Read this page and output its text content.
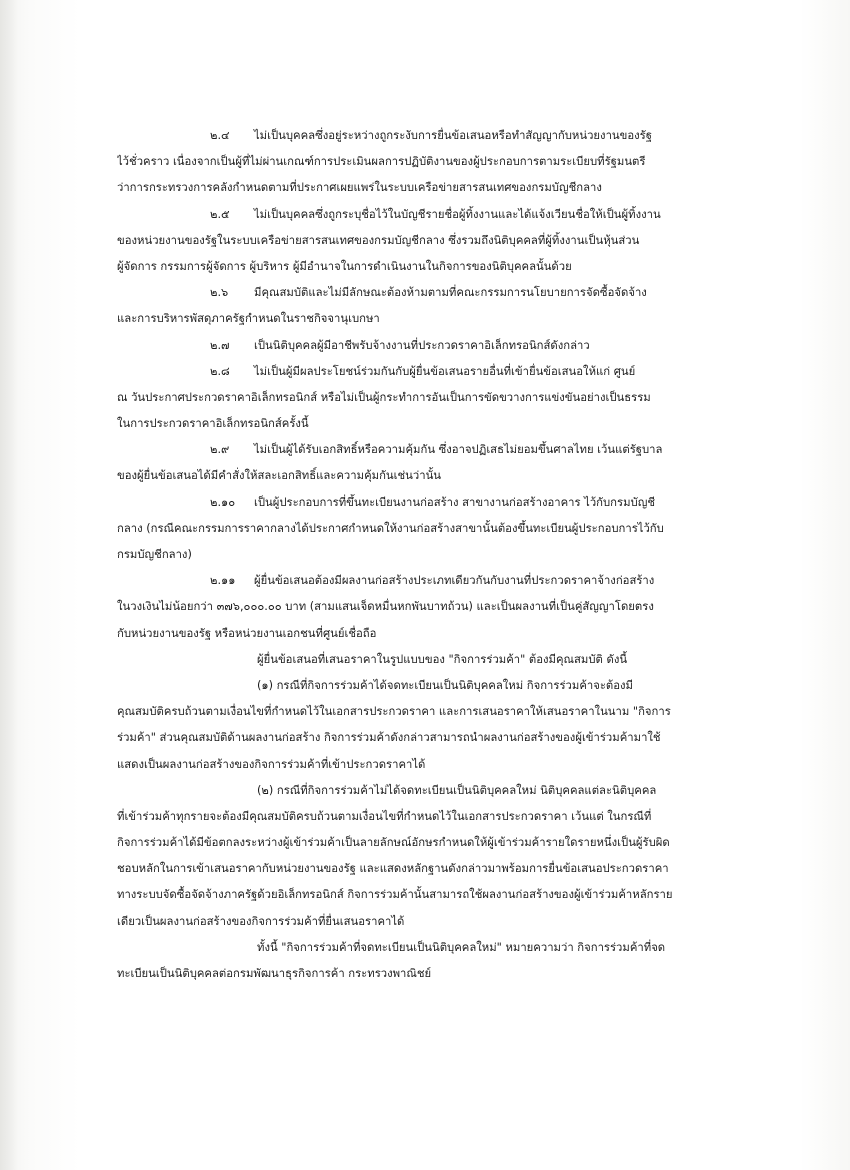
๒.๔ ไม่เป็นบุคคลซึ่งอยู่ระหว่างถูกระงับการยื่นข้อเสนอหรือทำสัญญากับหน่วยงานของรัฐ
ไว้ชั่วคราว เนื่องจากเป็นผู้ที่ไม่ผ่านเกณฑ์การประเมินผลการปฏิบัติงานของผู้ประกอบการตามระเบียบที่รัฐมนตรี
ว่าการกระทรวงการคลังกำหนดตามที่ประกาศเผยแพร่ในระบบเครือข่ายสารสนเทศของกรมบัญชีกลาง
๒.๕ ไม่เป็นบุคคลซึ่งถูกระบุชื่อไว้ในบัญชีรายชื่อผู้ทิ้งงานและได้แจ้งเวียนชื่อให้เป็นผู้ทิ้งงาน
ของหน่วยงานของรัฐในระบบเครือข่ายสารสนเทศของกรมบัญชีกลาง ซึ่งรวมถึงนิติบุคคลที่ผู้ทิ้งงานเป็นหุ้นส่วน
ผู้จัดการ กรรมการผู้จัดการ ผู้บริหาร ผู้มีอำนาจในการดำเนินงานในกิจการของนิติบุคคลนั้นด้วย
๒.๖ มีคุณสมบัติและไม่มีลักษณะต้องห้ามตามที่คณะกรรมการนโยบายการจัดซื้อจัดจ้าง
และการบริหารพัสดุภาครัฐกำหนดในราชกิจจานุเบกษา
๒.๗ เป็นนิติบุคคลผู้มีอาชีพรับจ้างงานที่ประกวดราคาอิเล็กทรอนิกส์ดังกล่าว
๒.๘ ไม่เป็นผู้มีผลประโยชน์ร่วมกันกับผู้ยื่นข้อเสนอรายอื่นที่เข้ายื่นข้อเสนอให้แก่ ศูนย์
ณ วันประกาศประกวดราคาอิเล็กทรอนิกส์ หรือไม่เป็นผู้กระทำการอันเป็นการขัดขวางการแข่งขันอย่างเป็นธรรม
ในการประกวดราคาอิเล็กทรอนิกส์ครั้งนี้
๒.๙ ไม่เป็นผู้ได้รับเอกสิทธิ์หรือความคุ้มกัน ซึ่งอาจปฏิเสธไม่ยอมขึ้นศาลไทย เว้นแต่รัฐบาล
ของผู้ยื่นข้อเสนอได้มีคำสั่งให้สละเอกสิทธิ์และความคุ้มกันเช่นว่านั้น
๒.๑๐ เป็นผู้ประกอบการที่ขึ้นทะเบียนงานก่อสร้าง สาขางานก่อสร้างอาคาร ไว้กับกรมบัญชี
กลาง (กรณีคณะกรรมการราคากลางได้ประกาศกำหนดให้งานก่อสร้างสาขานั้นต้องขึ้นทะเบียนผู้ประกอบการไว้กับ
กรมบัญชีกลาง)
๒.๑๑ ผู้ยื่นข้อเสนอต้องมีผลงานก่อสร้างประเภทเดียวกันกับงานที่ประกวดราคาจ้างก่อสร้าง
ในวงเงินไม่น้อยกว่า ๓๗๖,๐๐๐.๐๐ บาท (สามแสนเจ็ดหมื่นหกพันบาทถ้วน) และเป็นผลงานที่เป็นคู่สัญญาโดยตรง
กับหน่วยงานของรัฐ หรือหน่วยงานเอกชนที่ศูนย์เชื่อถือ
ผู้ยื่นข้อเสนอที่เสนอราคาในรูปแบบของ "กิจการร่วมค้า" ต้องมีคุณสมบัติ ดังนี้
(๑) กรณีที่กิจการร่วมค้าได้จดทะเบียนเป็นนิติบุคคลใหม่ กิจการร่วมค้าจะต้องมี
คุณสมบัติครบถ้วนตามเงื่อนไขที่กำหนดไว้ในเอกสารประกวดราคา และการเสนอราคาให้เสนอราคาในนาม "กิจการ
ร่วมค้า" ส่วนคุณสมบัติด้านผลงานก่อสร้าง กิจการร่วมค้าดังกล่าวสามารถนำผลงานก่อสร้างของผู้เข้าร่วมค้ามาใช้
แสดงเป็นผลงานก่อสร้างของกิจการร่วมค้าที่เข้าประกวดราคาได้
(๒) กรณีที่กิจการร่วมค้าไม่ได้จดทะเบียนเป็นนิติบุคคลใหม่ นิติบุคคลแต่ละนิติบุคคล
ที่เข้าร่วมค้าทุกรายจะต้องมีคุณสมบัติครบถ้วนตามเงื่อนไขที่กำหนดไว้ในเอกสารประกวดราคา เว้นแต่ ในกรณีที่
กิจการร่วมค้าได้มีข้อตกลงระหว่างผู้เข้าร่วมค้าเป็นลายลักษณ์อักษรกำหนดให้ผู้เข้าร่วมค้ารายใดรายหนึ่งเป็นผู้รับผิด
ชอบหลักในการเข้าเสนอราคากับหน่วยงานของรัฐ และแสดงหลักฐานดังกล่าวมาพร้อมการยื่นข้อเสนอประกวดราคา
ทางระบบจัดซื้อจัดจ้างภาครัฐด้วยอิเล็กทรอนิกส์ กิจการร่วมค้านั้นสามารถใช้ผลงานก่อสร้างของผู้เข้าร่วมค้าหลักราย
เดียวเป็นผลงานก่อสร้างของกิจการร่วมค้าที่ยื่นเสนอราคาได้
ทั้งนี้ "กิจการร่วมค้าที่จดทะเบียนเป็นนิติบุคคลใหม่" หมายความว่า กิจการร่วมค้าที่จด
ทะเบียนเป็นนิติบุคคลต่อกรมพัฒนาธุรกิจการค้า กระทรวงพาณิชย์
